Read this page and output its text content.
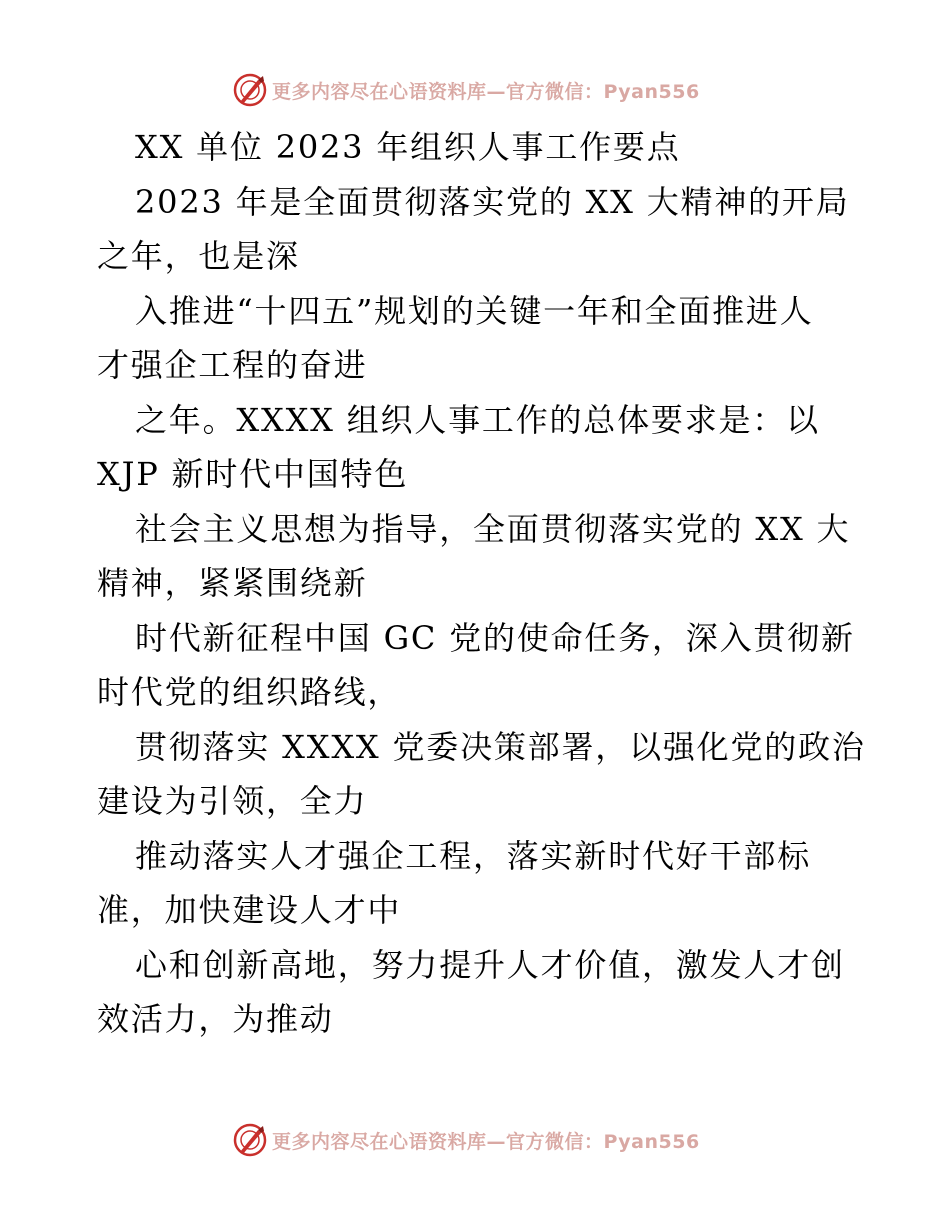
更多内容尽在心语资料库—官方微信：Pyan556
XX 单位 2023 年组织人事工作要点
2023 年是全面贯彻落实党的 XX 大精神的开局
之年，也是深
入推进“十四五”规划的关键一年和全面推进人
才强企工程的奋进
之年。XXXX 组织人事工作的总体要求是：以
XJP 新时代中国特色
社会主义思想为指导，全面贯彻落实党的 XX 大
精神，紧紧围绕新
时代新征程中国 GC 党的使命任务，深入贯彻新
时代党的组织路线，
贯彻落实 XXXX 党委决策部署，以强化党的政治
建设为引领，全力
推动落实人才强企工程，落实新时代好干部标
准，加快建设人才中
心和创新高地，努力提升人才价值，激发人才创
效活力，为推动
更多内容尽在心语资料库—官方微信：Pyan556
